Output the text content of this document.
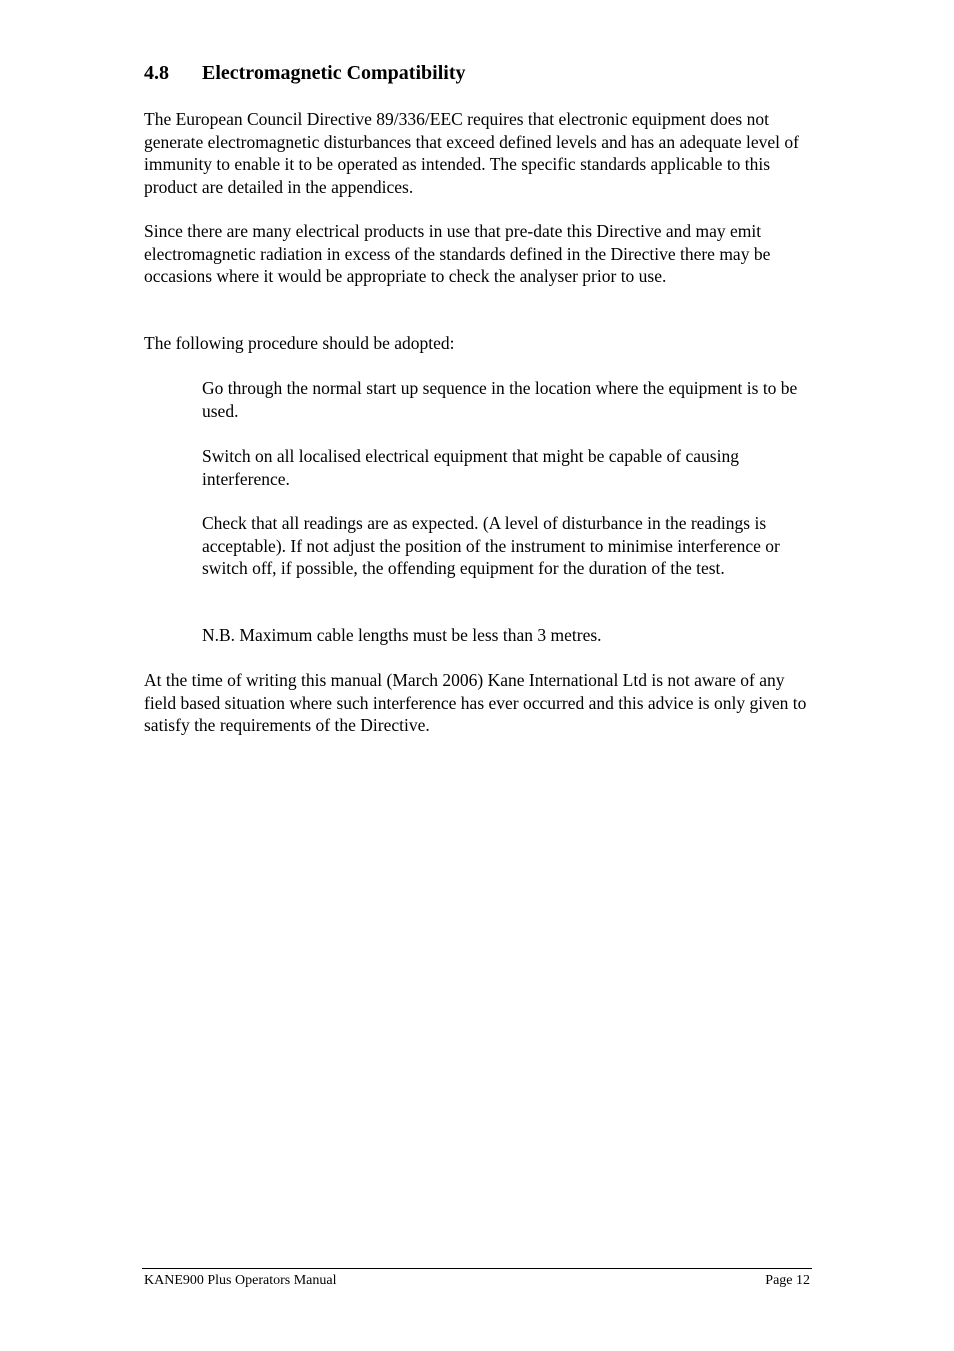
4.8 Electromagnetic Compatibility

The European Council Directive 89/336/EEC requires that electronic equipment does not generate electromagnetic disturbances that exceed defined levels and has an adequate level of immunity to enable it to be operated as intended. The specific standards applicable to this product are detailed in the appendices.

Since there are many electrical products in use that pre-date this Directive and may emit electromagnetic radiation in excess of the standards defined in the Directive there may be occasions where it would be appropriate to check the analyser prior to use.

The following procedure should be adopted:

Go through the normal start up sequence in the location where the equipment is to be used.

Switch on all localised electrical equipment that might be capable of causing interference.

Check that all readings are as expected. (A level of disturbance in the readings is acceptable). If not adjust the position of the instrument to minimise interference or switch off, if possible, the offending equipment for the duration of the test.

N.B. Maximum cable lengths must be less than 3 metres.

At the time of writing this manual (March 2006) Kane International Ltd is not aware of any field based situation where such interference has ever occurred and this advice is only given to satisfy the requirements of the Directive.

KANE900 Plus Operators Manual	Page 12
